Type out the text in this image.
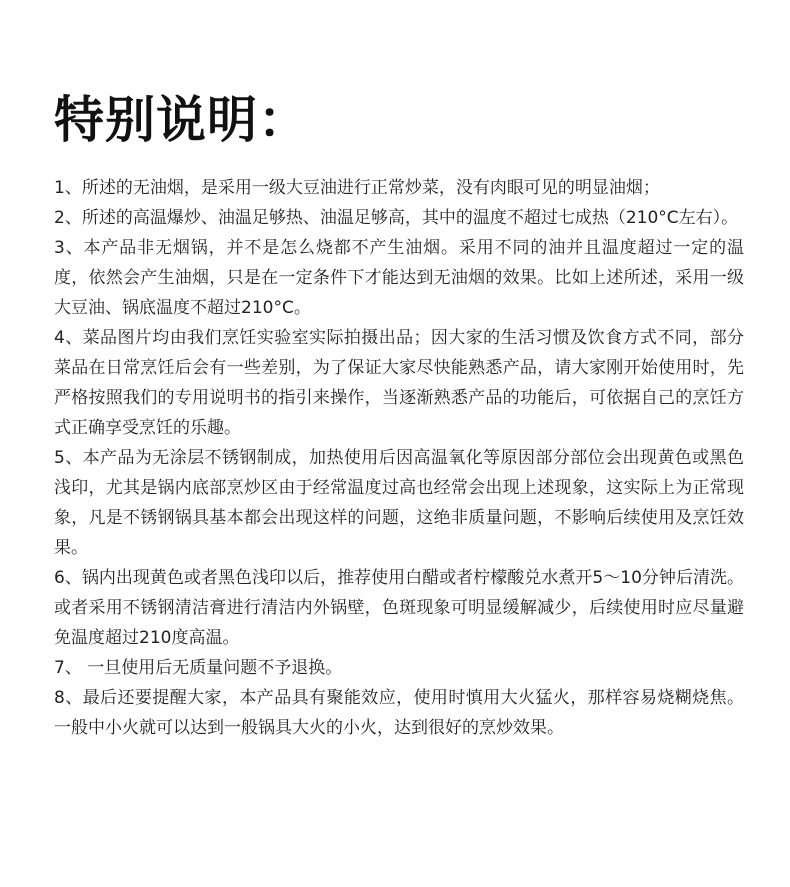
特别说明：
1、所述的无油烟，是采用一级大豆油进行正常炒菜，没有肉眼可见的明显油烟；
2、所述的高温爆炒、油温足够热、油温足够高，其中的温度不超过七成热（210°C左右）。
3、本产品非无烟锅，并不是怎么烧都不产生油烟。采用不同的油并且温度超过一定的温度，依然会产生油烟，只是在一定条件下才能达到无油烟的效果。比如上述所述，采用一级大豆油、锅底温度不超过210°C。
4、菜品图片均由我们烹饪实验室实际拍摄出品；因大家的生活习惯及饮食方式不同，部分菜品在日常烹饪后会有一些差别，为了保证大家尽快能熟悉产品，请大家刚开始使用时，先严格按照我们的专用说明书的指引来操作，当逐渐熟悉产品的功能后，可依据自己的烹饪方式正确享受烹饪的乐趣。
5、本产品为无涂层不锈钢制成，加热使用后因高温氧化等原因部分部位会出现黄色或黑色浅印，尤其是锅内底部烹炒区由于经常温度过高也经常会出现上述现象，这实际上为正常现象，凡是不锈钢锅具基本都会出现这样的问题，这绝非质量问题，不影响后续使用及烹饪效果。
6、锅内出现黄色或者黑色浅印以后，推荐使用白醋或者柠檬酸兑水煮开5～10分钟后清洗。或者采用不锈钢清洁膏进行清洁内外锅壁，色斑现象可明显缓解减少，后续使用时应尽量避免温度超过210度高温。
7、 一旦使用后无质量问题不予退换。
8、最后还要提醒大家，本产品具有聚能效应，使用时慎用大火猛火，那样容易烧糊烧焦。一般中小火就可以达到一般锅具大火的小火，达到很好的烹炒效果。
